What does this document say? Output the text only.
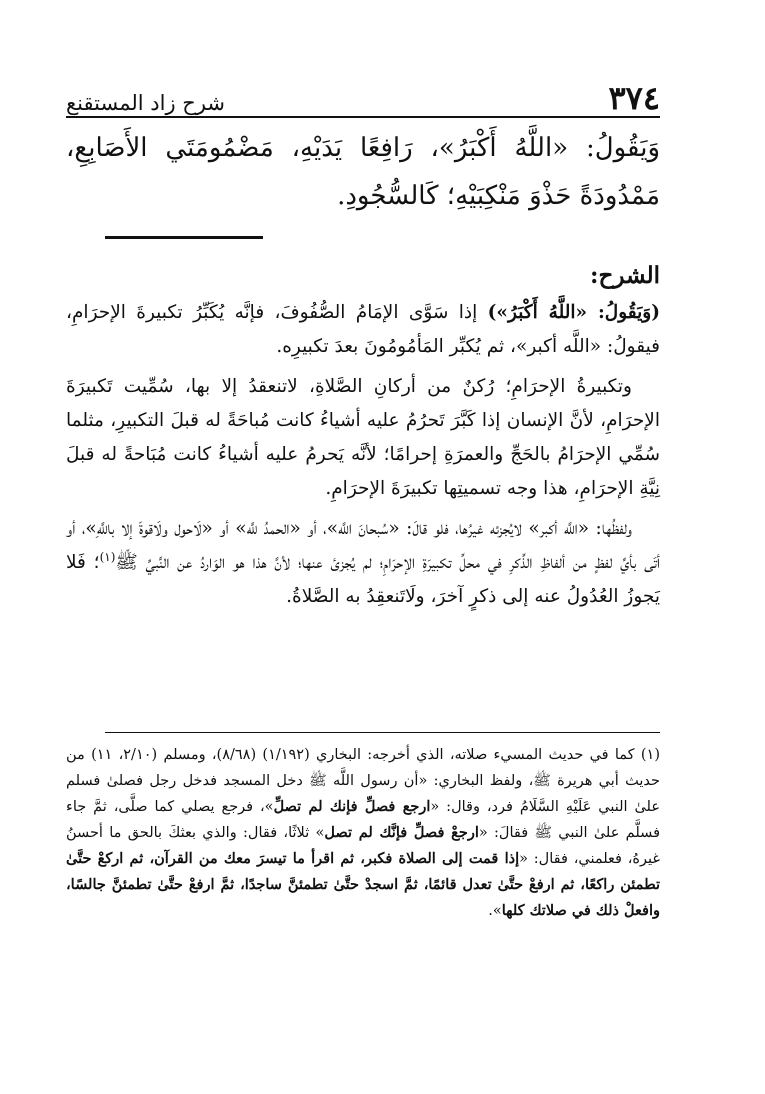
٣٧٤
شرح زاد المستقنع
وَيَقُولُ: «اللَّهُ أَكْبَرُ»، رَافِعًا يَدَيْهِ، مَضْمُومَتَي الأَصَابِعِ، مَمْدُودَةً حَذْوَ مَنْكِبَيْهِ؛ كَالسُّجُودِ.
الشرح:

(وَيَقُولُ: «اللَّهُ أَكْبَرُ») إذا سَوَّى الإمَامُ الصُّفُوفَ، فإنَّه يُكَبِّرُ تكبيرةَ الإحرَامِ، فيقولُ: «اللَّه أكبر»، ثم يُكبِّر المَأمُومُونَ بعدَ تكبيرِه.

وتكبيرةُ الإحرَامِ؛ رُكنٌ من أركانِ الصَّلاةِ، لاتنعقدُ إلا بها، سُمِّيت تَكبيرَةَ الإحرَامِ، لأنَّ الإنسان إذا كَبَّرَ تَحرُمُ عليه أشياءُ كانت مُباحَةً له قبلَ التكبيرِ، مثلما سُمِّي الإحرَامُ بالحَجِّ والعمرَةِ إحرامًا؛ لأنَّه يَحرمُ عليه أشياءُ كانت مُبَاحةً له قبلَ نِيَّةِ الإحرَامِ، هذا وجه تسميتِها تكبيرَةَ الإحرَامِ.

ولفظُها: «اللَّه أكبر» لايُجزئه غيرُها، فلو قالَ: «سُبحانَ اللَّه»، أو «الحمدُ للَّه» أو «لَاحول ولَاقوةَ إلا باللَّهِ»، أو أتَى بأيِّ لفظٍ من ألفاظِ الذِّكرِ في محلِّ تكبيرَةِ الإحرَامِ؛ لم يُجزئ عنها؛ لأنَّ هذا هو الوَاردُ عن النَّبيِّ ﷺ$^{(١)}$؛ فَلا يَجوزُ العُدُولُ عنه إلى ذكرٍ آخرَ، ولَاتَنعقِدُ به الصَّلاةُ.

(١) كما في حديث المسيء صلاته، الذي أخرجه: البخاري (١/١٩٢) (٨/٦٨)، ومسلم (٢/١٠، ١١) من حديث أبي هريرة ﷺ، ولفظ البخاري: «أن رسول اللَّه ﷺ دخل المسجد فدخل رجل فصلىٰ فسلم علىٰ النبي عَلَيْهِ السَّلَامُ فرد، وقال: «ارجع فصلِّ فإنك لم تصلِّ»، فرجع يصلي كما صلَّى، ثمَّ جاء فسلَّم علىٰ النبي ﷺ فقالَ: «ارجعْ فصلِّ فإنَّك لم تصل» ثلاثًا، فقال: والذي بعثكَ بالحق ما أحسنُ غيرهُ، فعلمني، فقال: «إذا قمت إلى الصلاة فكبر، ثم اقرأ ما تيسرَ معك من القرآن، ثم اركعْ حتَّىٰ تطمئن راكعًا، ثم ارفعْ حتَّىٰ تعدل قائمًا، ثمَّ اسجدْ حتَّىٰ تطمئنَّ ساجدًا، ثمَّ ارفعْ حتَّىٰ تطمئنَّ جالسًا، وافعلْ ذلك في صلاتك كلها».
